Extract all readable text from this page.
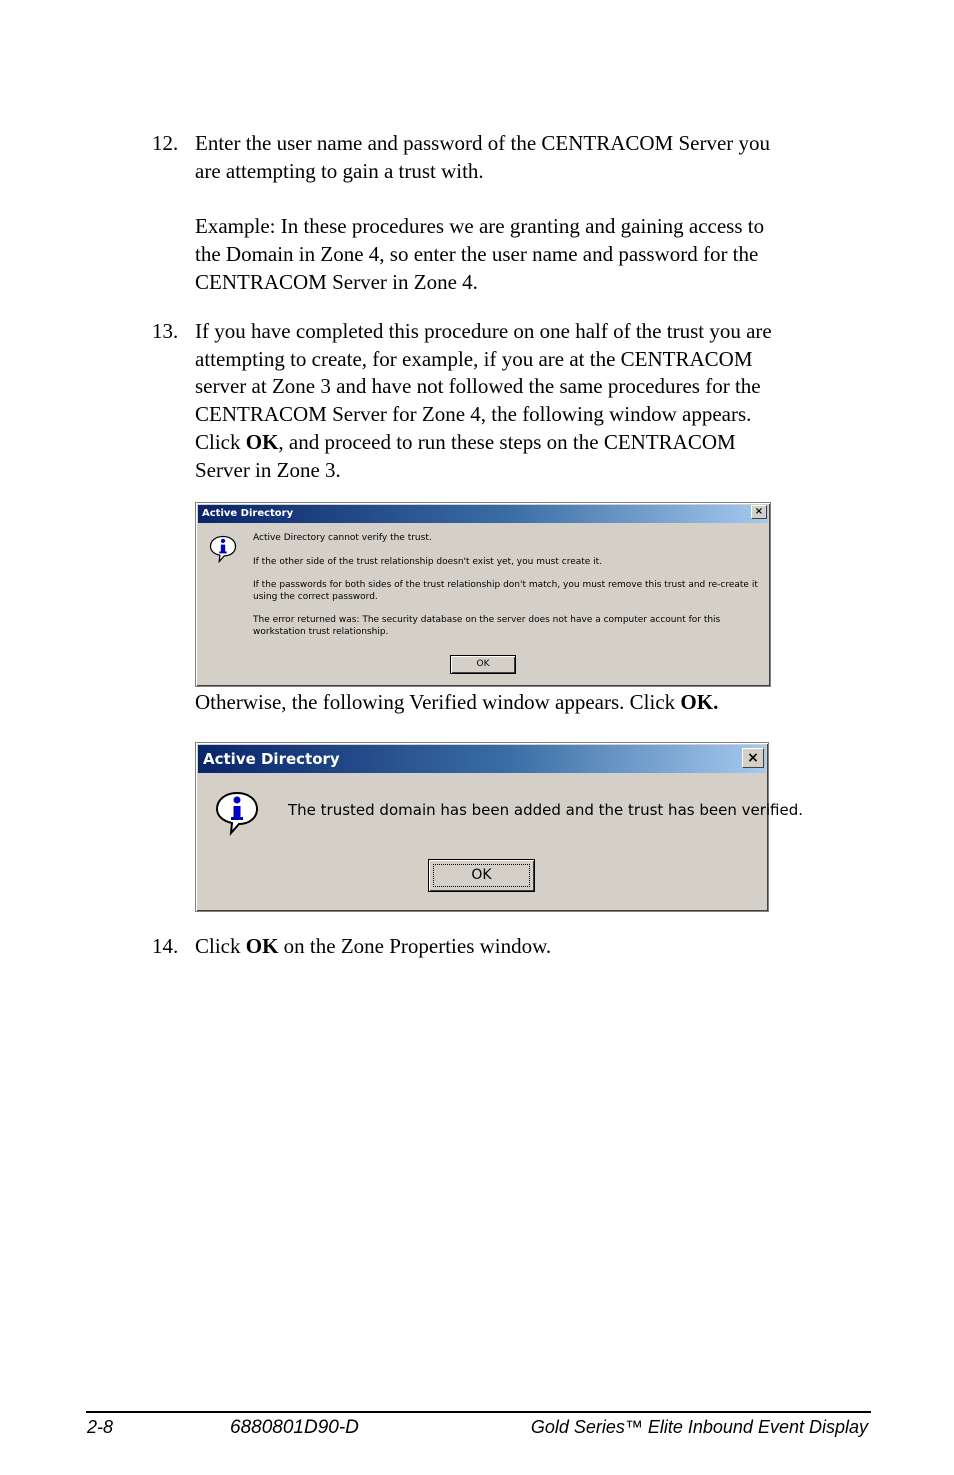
12. Enter the user name and password of the CENTRACOM Server you

are attempting to gain a trust with.

Example: In these procedures we are granting and gaining access to

the Domain in Zone 4, so enter the user name and password for the

CENTRACOM Server in Zone 4.

13. If you have completed this procedure on one half of the trust you are

attempting to create, for example, if you are at the CENTRACOM

server at Zone 3 and have not followed the same procedures for the

CENTRACOM Server for Zone 4, the following window appears.

Click OK, and proceed to run these steps on the CENTRACOM

Server in Zone 3.

Active Directory	×

Active Directory cannot verify the trust.

If the other side of the trust relationship doesn't exist yet, you must create it.

If the passwords for both sides of the trust relationship don't match, you must remove this trust and re-create it using the correct password.

The error returned was: The security database on the server does not have a computer account for this workstation trust relationship.

OK
Otherwise, the following Verified window appears. Click OK.
Active Directory	×
The trusted domain has been added and the trust has been verified.
OK
14. Click OK on the Zone Properties window.

2-8	6880801D90-D	Gold Series™ Elite Inbound Event Display
